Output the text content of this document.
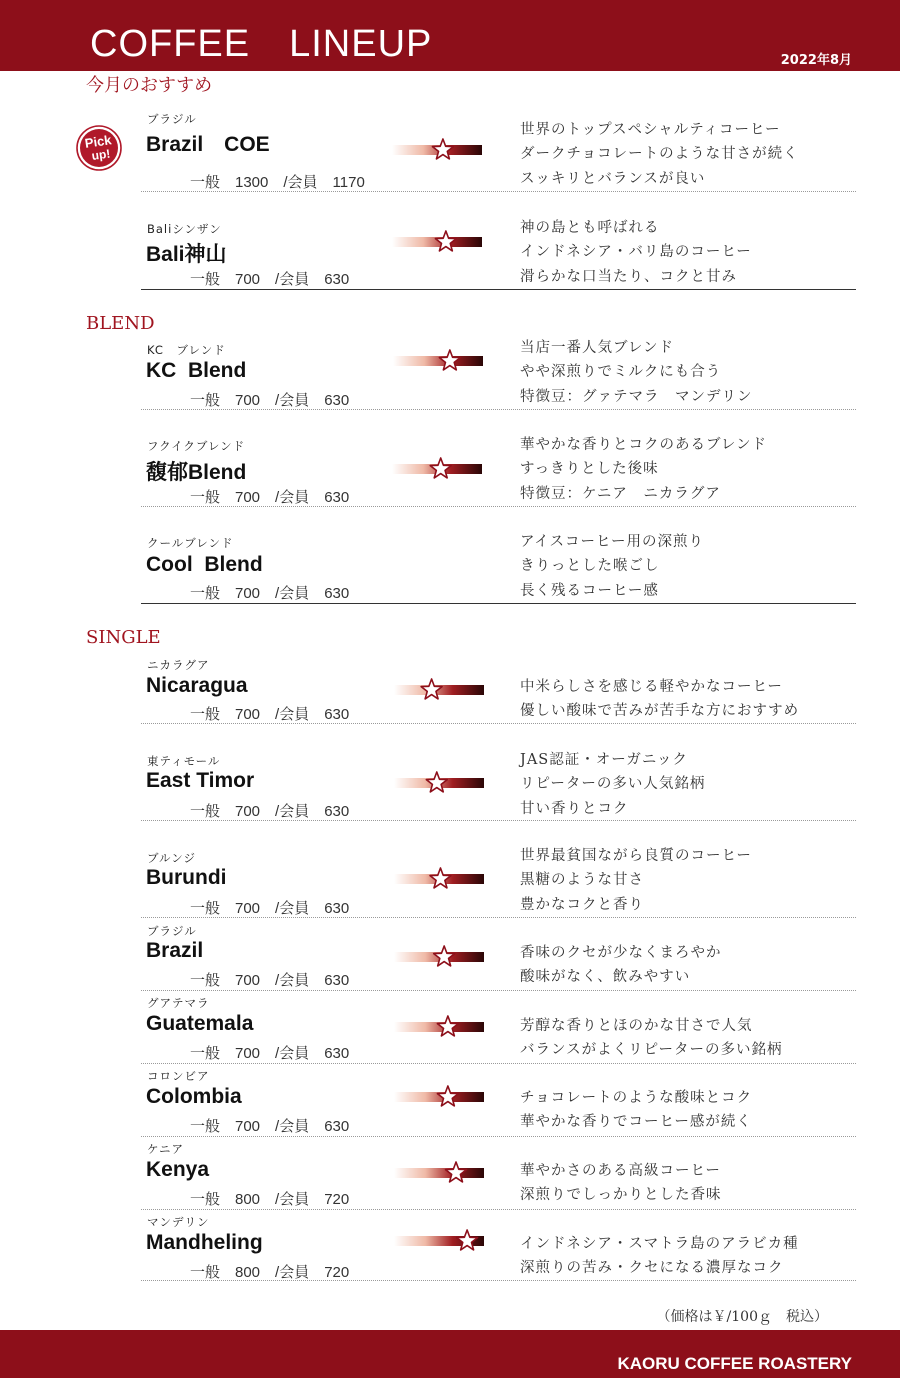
COFFEE　LINEUP	2022年8月
今月のおすすめ
BLEND
SINGLE
Pick
up!
ブラジル
Brazil　COE
一般　1300　/会員　1170
世界のトップスペシャルティコーヒー
ダークチョコレートのような甘さが続く
スッキリとバランスが良い
Baliシンザン
Bali神山
一般　700　/会員　630
神の島とも呼ばれる
インドネシア・バリ島のコーヒー
滑らかな口当たり、コクと甘み
KC　ブレンド
KC  Blend
一般　700　/会員　630
当店一番人気ブレンド
やや深煎りでミルクにも合う
特徴豆：グァテマラ　マンデリン
フクイクブレンド
馥郁Blend
一般　700　/会員　630
華やかな香りとコクのあるブレンド
すっきりとした後味
特徴豆：ケニア　ニカラグア
クールブレンド
Cool  Blend
一般　700　/会員　630
アイスコーヒー用の深煎り
きりっとした喉ごし
長く残るコーヒー感
ニカラグア
Nicaragua
一般　700　/会員　630
中米らしさを感じる軽やかなコーヒー
優しい酸味で苦みが苦手な方におすすめ
東ティモール
East Timor
一般　700　/会員　630
JAS認証・オーガニック
リピーターの多い人気銘柄
甘い香りとコク
ブルンジ
Burundi
一般　700　/会員　630
世界最貧国ながら良質のコーヒー
黒糖のような甘さ
豊かなコクと香り
ブラジル
Brazil
一般　700　/会員　630
香味のクセが少なくまろやか
酸味がなく、飲みやすい
グアテマラ
Guatemala
一般　700　/会員　630
芳醇な香りとほのかな甘さで人気
バランスがよくリピーターの多い銘柄
コロンビア
Colombia
一般　700　/会員　630
チョコレートのような酸味とコク
華やかな香りでコーヒー感が続く
ケニア
Kenya
一般　800　/会員　720
華やかさのある高級コーヒー
深煎りでしっかりとした香味
マンデリン
Mandheling
一般　800　/会員　720
インドネシア・スマトラ島のアラビカ種
深煎りの苦み・クセになる濃厚なコク
（価格は￥/100ｇ　税込）
KAORU COFFEE ROASTERY
